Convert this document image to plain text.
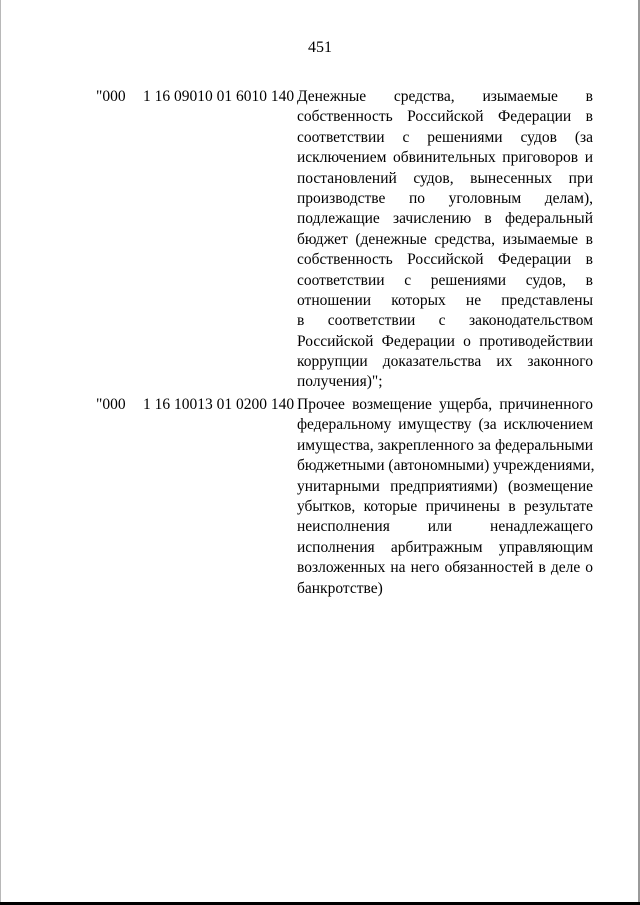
451
"000 1 16 09010 01 6010 140 Денежные средства, изымаемые в
собственность Российской Федерации в
соответствии с решениями судов (за
исключением обвинительных приговоров и
постановлений судов, вынесенных при
производстве по уголовным делам),
подлежащие зачислению в федеральный
бюджет (денежные средства, изымаемые в
собственность Российской Федерации в
соответствии с решениями судов, в
отношении которых не представлены
в соответствии с законодательством
Российской Федерации о противодействии
коррупции доказательства их законного
получения)";
"000 1 16 10013 01 0200 140 Прочее возмещение ущерба, причиненного
федеральному имуществу (за исключением
имущества, закрепленного за федеральными
бюджетными (автономными) учреждениями,
унитарными предприятиями) (возмещение
убытков, которые причинены в результате
неисполнения или ненадлежащего
исполнения арбитражным управляющим
возложенных на него обязанностей в деле о
банкротстве)
